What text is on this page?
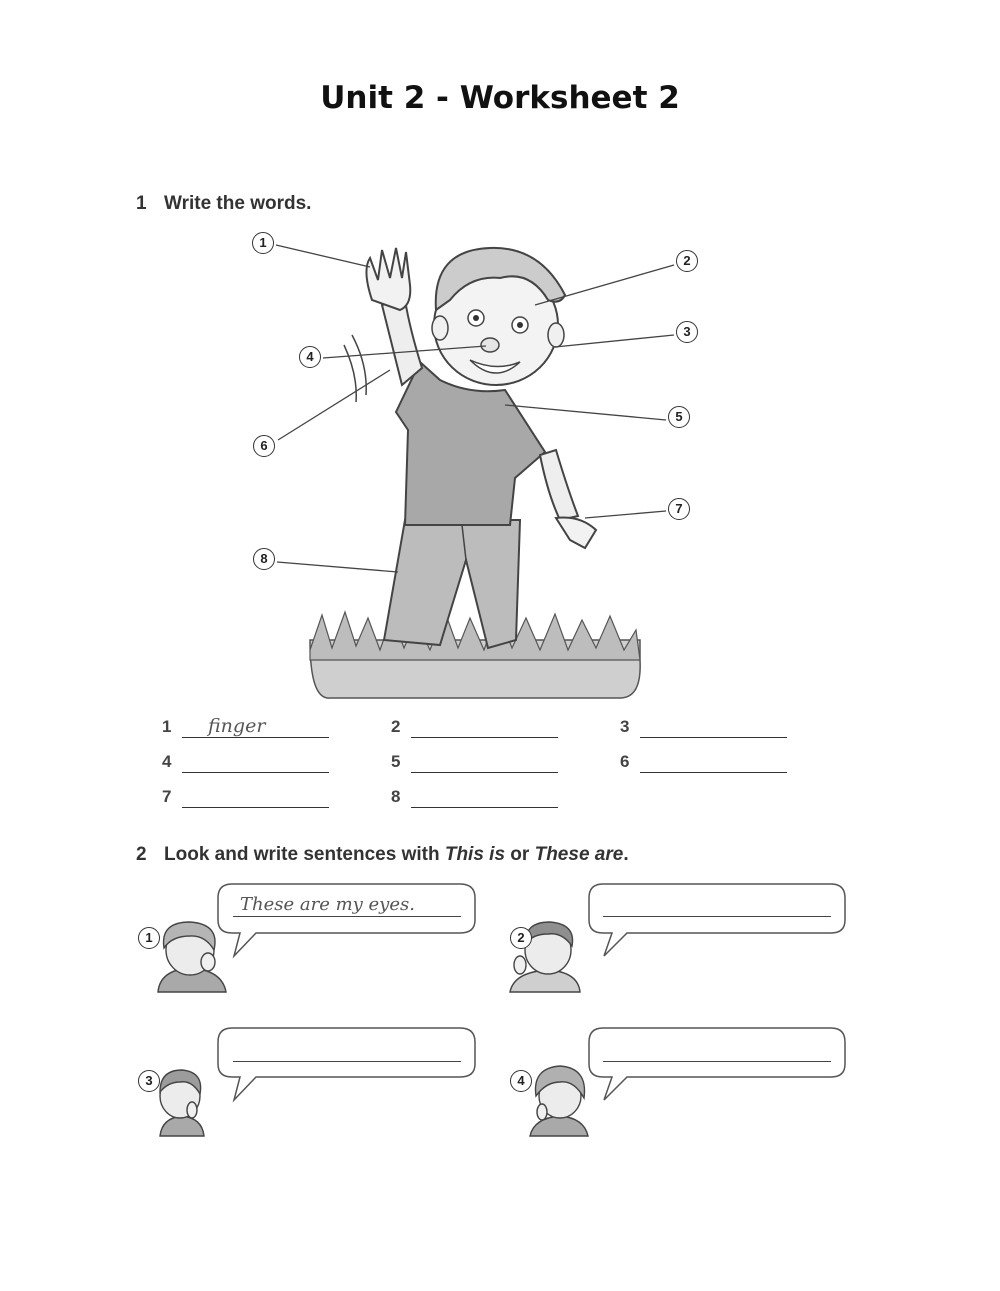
Unit 2 - Worksheet 2
1 Write the words.
1
2
3
4
5
6
7
8
1 finger	2	3
4	5	6
7	8
2 Look and write sentences with This is or These are.
These are my eyes.
1	2
3	4
